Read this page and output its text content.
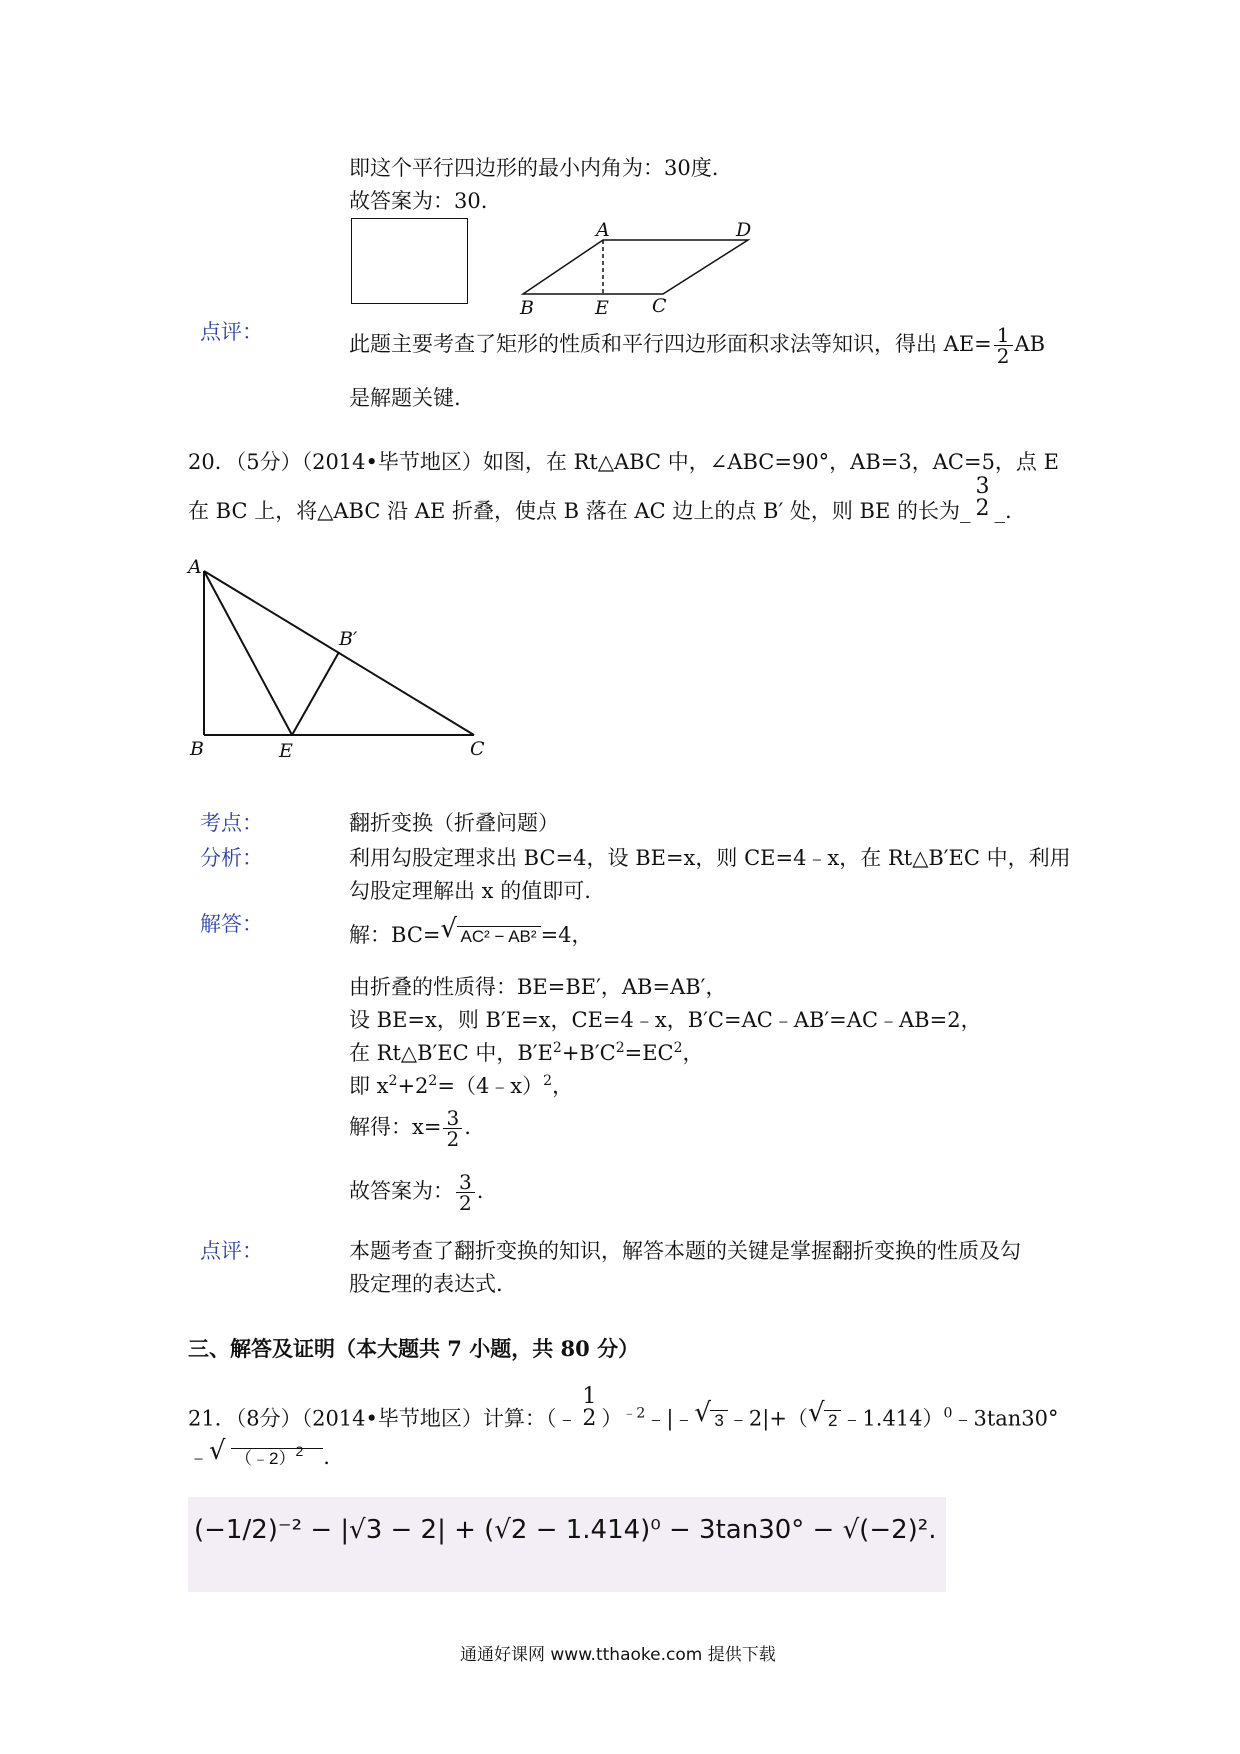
即这个平行四边形的最小内角为：30度.
故答案为：30.
A	D
B	E C
点评：	此题主要考查了矩形的性质和平行四边形面积求法等知识，得出 $AE= \frac{1}{2}$ AB
是解题关键.
20．（5分）（2014•毕节地区）如图，在 Rt△ABC 中，∠ABC=90°，AB=3，AC=5，点 E
在 BC 上，将△ABC 沿 AE 折叠，使点 B 落在 AC 边上的点 B′ 处，则 BE 的长为_
3
2 _.
A
B	E	C
B′
考点：	翻折变换（折叠问题）
分析：	利用勾股定理求出 BC=4，设 BE=x，则 CE=4﹣x，在 Rt△B′EC 中，利用
勾股定理解出 x 的值即可.
解答：	解：BC= √ AC² − AB² =4，
由折叠的性质得：BE=BE′，AB=AB′，
设 BE=x，则 B′E=x，CE=4﹣x，B′C=AC﹣AB′=AC﹣AB=2，
在 Rt△B′EC 中，$B'E^2+B'C^2=EC^2$，
即 $x^2+2^2=(4﹣x)^2$，
解得：$x= \frac{3}{2}$ .
故答案为： $\frac{3}{2}$ .
点评：	本题考查了翻折变换的知识，解答本题的关键是掌握翻折变换的性质及勾
股定理的表达式.
三、解答及证明（本大题共 7 小题，共 80 分）
21．（8分）（2014•毕节地区）计算：（﹣
1
2 ）$^{﹣2}$﹣|﹣ √ 3 ﹣2|+（ √ 2 ﹣1.414）$^0$﹣3tan30°
﹣ √ （﹣2）$^2$ .
(−1/2)⁻² − |√3 − 2| + (√2 − 1.414)⁰ − 3tan30° − √(−2)².
通通好课网 www.tthaoke.com 提供下载
